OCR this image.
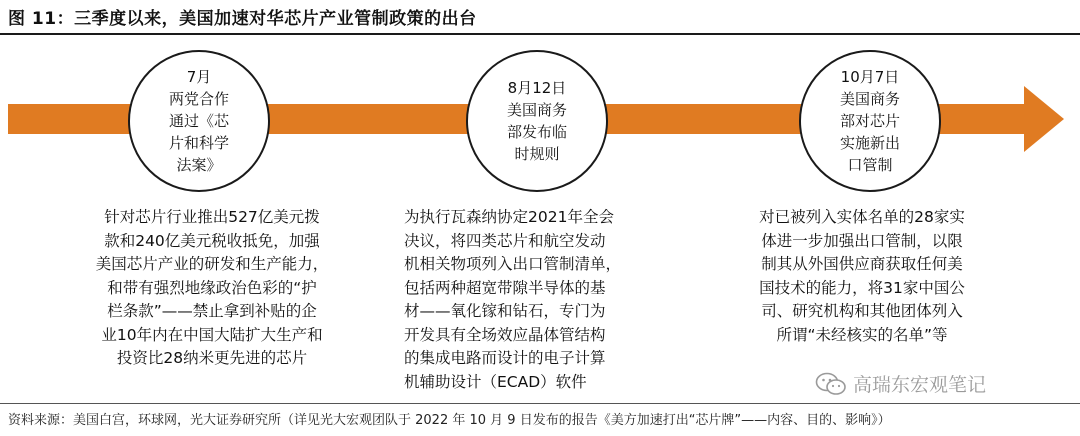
图 11：三季度以来，美国加速对华芯片产业管制政策的出台
7月
两党合作
通过《芯
片和科学
法案》
8月12日
美国商务
部发布临
时规则
10月7日
美国商务
部对芯片
实施新出
口管制
针对芯片行业推出527亿美元拨
款和240亿美元税收抵免，加强
美国芯片产业的研发和生产能力，
和带有强烈地缘政治色彩的“护
栏条款”——禁止拿到补贴的企
业10年内在中国大陆扩大生产和
投资比28纳米更先进的芯片
为执行瓦森纳协定2021年全会
决议，将四类芯片和航空发动
机相关物项列入出口管制清单，
包括两种超宽带隙半导体的基
材——氧化镓和钻石，专门为
开发具有全场效应晶体管结构
的集成电路而设计的电子计算
机辅助设计（ECAD）软件
对已被列入实体名单的28家实
体进一步加强出口管制，以限
制其从外国供应商获取任何美
国技术的能力，将31家中国公
司、研究机构和其他团体列入
所谓“未经核实的名单”等
高瑞东宏观笔记
资料来源：美国白宫，环球网，光大证券研究所（详见光大宏观团队于 2022 年 10 月 9 日发布的报告《美方加速打出“芯片牌”——内容、目的、影响》）
